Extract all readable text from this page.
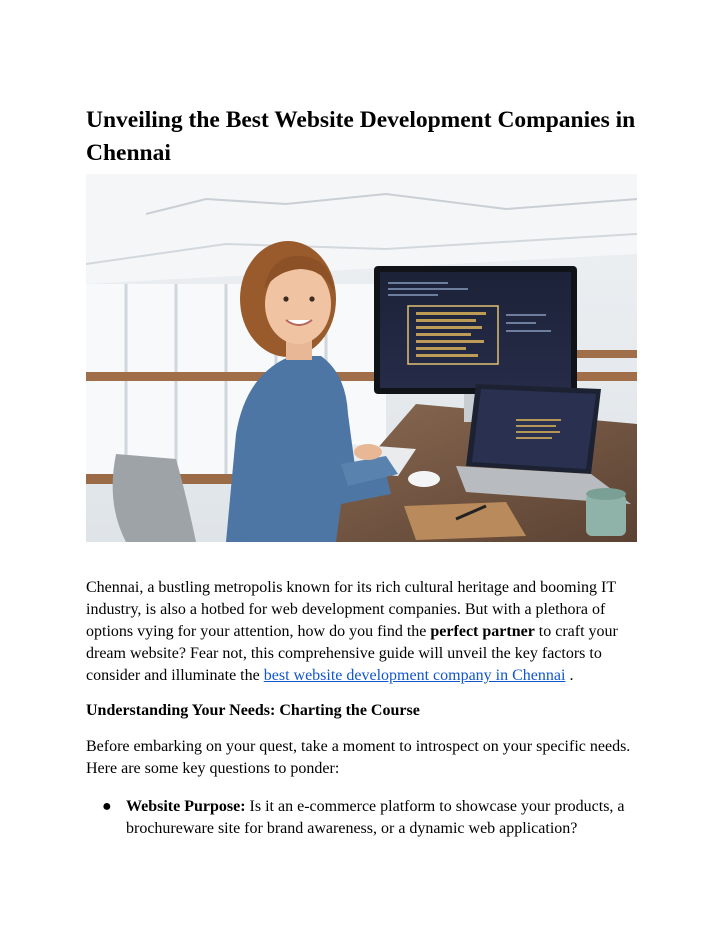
Unveiling the Best Website Development Companies in Chennai

Chennai, a bustling metropolis known for its rich cultural heritage and booming IT industry, is also a hotbed for web development companies. But with a plethora of options vying for your attention, how do you find the perfect partner to craft your dream website? Fear not, this comprehensive guide will unveil the key factors to consider and illuminate the best website development company in Chennai .

Understanding Your Needs: Charting the Course

Before embarking on your quest, take a moment to introspect on your specific needs. Here are some key questions to ponder:

● Website Purpose: Is it an e-commerce platform to showcase your products, a brochureware site for brand awareness, or a dynamic web application?
